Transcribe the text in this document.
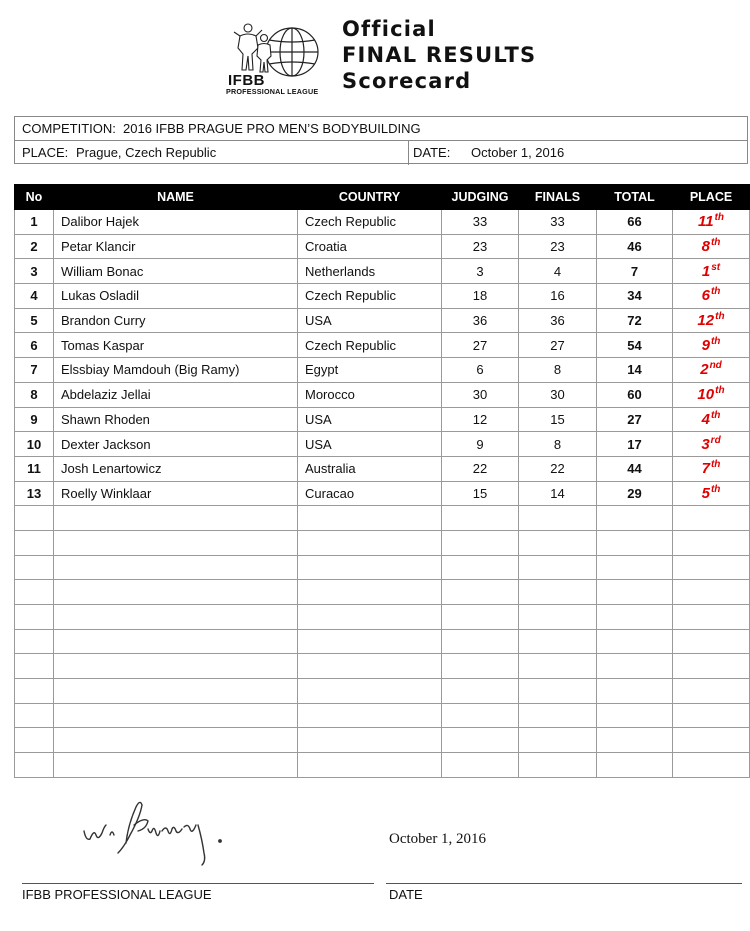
IFBB
PROFESSIONAL LEAGUE
Official
FINAL RESULTS
Scorecard
COMPETITION: 2016 IFBB PRAGUE PRO MEN’S BODYBUILDING
PLACE: Prague, Czech Republic	DATE: October 1, 2016
No	NAME	COUNTRY	JUDGING	FINALS	TOTAL	PLACE
1	Dalibor Hajek	Czech Republic	33	33	66	11th
2	Petar Klancir	Croatia	23	23	46	8th
3	William Bonac	Netherlands	3	4	7	1st
4	Lukas Osladil	Czech Republic	18	16	34	6th
5	Brandon Curry	USA	36	36	72	12th
6	Tomas Kaspar	Czech Republic	27	27	54	9th
7	Elssbiay Mamdouh (Big Ramy)	Egypt	6	8	14	2nd
8	Abdelaziz Jellai	Morocco	30	30	60	10th
9	Shawn Rhoden	USA	12	15	27	4th
10	Dexter Jackson	USA	9	8	17	3rd
11	Josh Lenartowicz	Australia	22	22	44	7th
13	Roelly Winklaar	Curacao	15	14	29	5th

October 1, 2016
IFBB PROFESSIONAL LEAGUE	DATE
